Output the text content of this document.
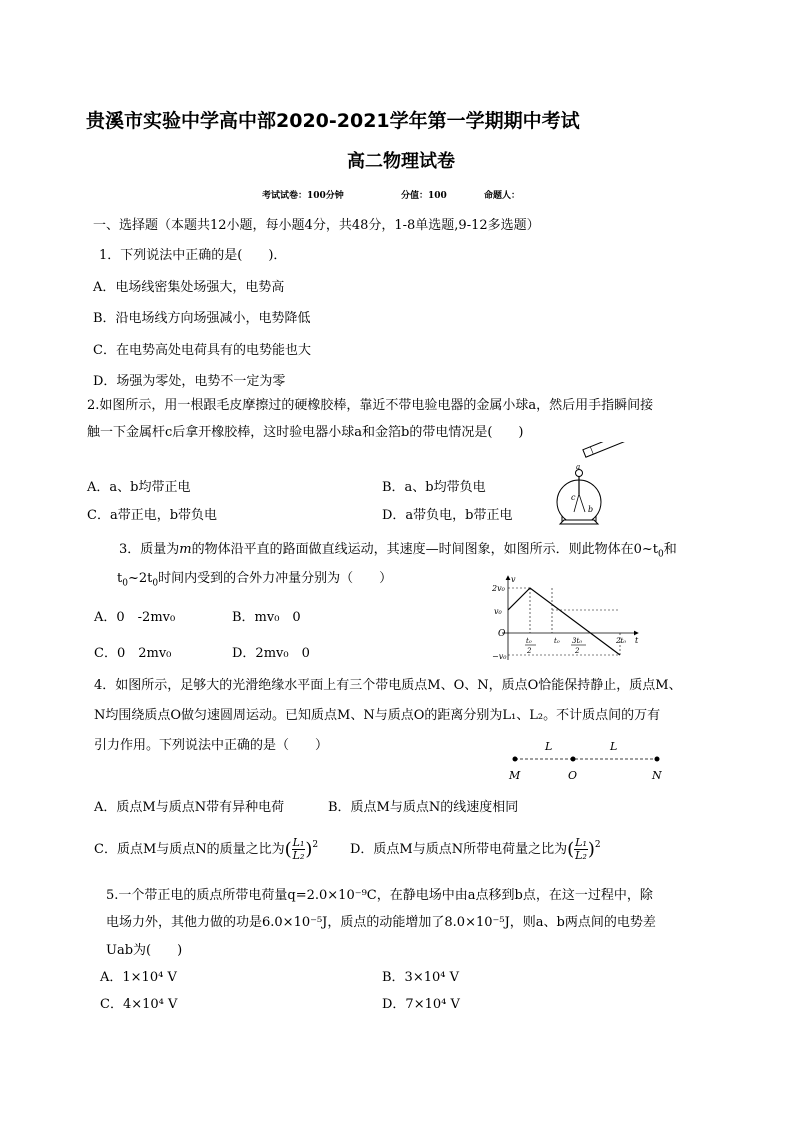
贵溪市实验中学高中部2020-2021学年第一学期期中考试
高二物理试卷
考试试卷：100分钟	分值：100	命题人：
一、选择题（本题共12小题，每小题4分，共48分，1-8单选题,9-12多选题）
1．下列说法中正确的是(　　)．
A．电场线密集处场强大，电势高
B．沿电场线方向场强减小，电势降低
C．在电势高处电荷具有的电势能也大
D．场强为零处，电势不一定为零
2.如图所示，用一根跟毛皮摩擦过的硬橡胶棒，靠近不带电验电器的金属小球a，然后用手指瞬间接
触一下金属杆c后拿开橡胶棒，这时验电器小球a和金箔b的带电情况是(　　)
A．a、b均带正电	B．a、b均带负电
C．a带正电，b带负电	D．a带负电，b带正电
a
c
b
3．质量为m的物体沿平直的路面做直线运动，其速度—时间图象，如图所示．则此物体在$0\sim t_0$和
$t_0\sim 2t_0$时间内受到的合外力冲量分别为（　　）
A．0　-2mv₀	B．mv₀　0
C．0　2mv₀	D．2mv₀　0
v
t
O
2v₀
v₀
−v₀
t₀
2
t₀ 3t₀
2
2t₀
4．如图所示，足够大的光滑绝缘水平面上有三个带电质点M、O、N，质点O恰能保持静止，质点M、
N均围绕质点O做匀速圆周运动。已知质点M、N与质点O的距离分别为L₁、L₂。不计质点间的万有
引力作用。下列说法中正确的是（　　）	L	L
M	O	N
A．质点M与质点N带有异种电荷	B．质点M与质点N的线速度相同
C．质点M与质点N的质量之比为 ( $\frac{\text{L₁}}{\text{L₂}} )^2$ D．质点M与质点N所带电荷量之比为 ( $\frac{\text{L₁}}{\text{L₂}} )^2$
5.一个带正电的质点所带电荷量q=2.0×10⁻⁹C，在静电场中由a点移到b点，在这一过程中，除
电场力外，其他力做的功是6.0×10⁻⁵J，质点的动能增加了8.0×10⁻⁵J，则a、b两点间的电势差
Uab为(　　)
A．1×10⁴ V	B．3×10⁴ V
C．4×10⁴ V	D．7×10⁴ V
